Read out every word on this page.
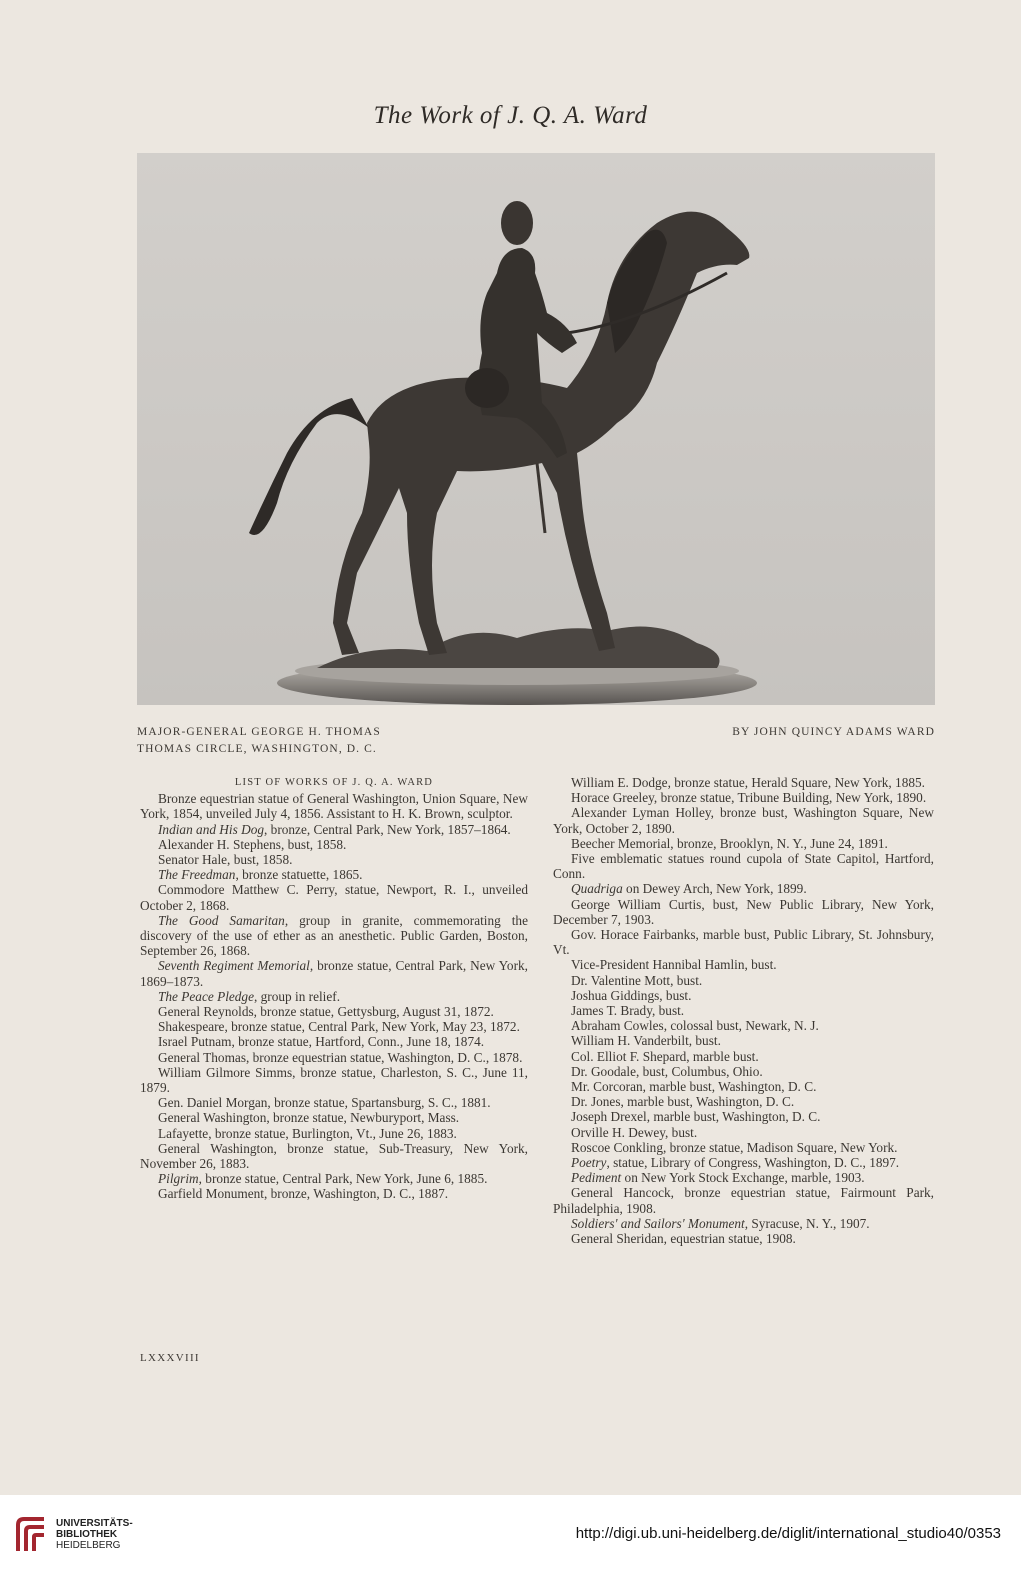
The Work of J. Q. A. Ward
MAJOR-GENERAL GEORGE H. THOMAS
THOMAS CIRCLE, WASHINGTON, D. C.
BY JOHN QUINCY ADAMS WARD

LIST OF WORKS OF J. Q. A. WARD

Bronze equestrian statue of General Washington, Union Square, New York, 1854, unveiled July 4, 1856. Assistant to H. K. Brown, sculptor.

Indian and His Dog, bronze, Central Park, New York, 1857–1864.

Alexander H. Stephens, bust, 1858.

Senator Hale, bust, 1858.

The Freedman, bronze statuette, 1865.

Commodore Matthew C. Perry, statue, Newport, R. I., unveiled October 2, 1868.

The Good Samaritan, group in granite, commemorating the discovery of the use of ether as an anesthetic. Public Garden, Boston, September 26, 1868.

Seventh Regiment Memorial, bronze statue, Central Park, New York, 1869–1873.

The Peace Pledge, group in relief.

General Reynolds, bronze statue, Gettysburg, August 31, 1872.

Shakespeare, bronze statue, Central Park, New York, May 23, 1872.

Israel Putnam, bronze statue, Hartford, Conn., June 18, 1874.

General Thomas, bronze equestrian statue, Washington, D. C., 1878.

William Gilmore Simms, bronze statue, Charleston, S. C., June 11, 1879.

Gen. Daniel Morgan, bronze statue, Spartansburg, S. C., 1881.

General Washington, bronze statue, Newburyport, Mass.

Lafayette, bronze statue, Burlington, Vt., June 26, 1883.

General Washington, bronze statue, Sub-Treasury, New York, November 26, 1883.

Pilgrim, bronze statue, Central Park, New York, June 6, 1885.

Garfield Monument, bronze, Washington, D. C., 1887.

William E. Dodge, bronze statue, Herald Square, New York, 1885.

Horace Greeley, bronze statue, Tribune Building, New York, 1890.

Alexander Lyman Holley, bronze bust, Washington Square, New York, October 2, 1890.

Beecher Memorial, bronze, Brooklyn, N. Y., June 24, 1891.

Five emblematic statues round cupola of State Capitol, Hartford, Conn.

Quadriga on Dewey Arch, New York, 1899.

George William Curtis, bust, New Public Library, New York, December 7, 1903.

Gov. Horace Fairbanks, marble bust, Public Library, St. Johnsbury, Vt.

Vice-President Hannibal Hamlin, bust.

Dr. Valentine Mott, bust.

Joshua Giddings, bust.

James T. Brady, bust.

Abraham Cowles, colossal bust, Newark, N. J.

William H. Vanderbilt, bust.

Col. Elliot F. Shepard, marble bust.

Dr. Goodale, bust, Columbus, Ohio.

Mr. Corcoran, marble bust, Washington, D. C.

Dr. Jones, marble bust, Washington, D. C.

Joseph Drexel, marble bust, Washington, D. C.

Orville H. Dewey, bust.

Roscoe Conkling, bronze statue, Madison Square, New York.

Poetry, statue, Library of Congress, Washington, D. C., 1897.

Pediment on New York Stock Exchange, marble, 1903.

General Hancock, bronze equestrian statue, Fairmount Park, Philadelphia, 1908.

Soldiers' and Sailors' Monument, Syracuse, N. Y., 1907.

General Sheridan, equestrian statue, 1908.

LXXXVIII
UNIVERSITÄTS-
BIBLIOTHEK
HEIDELBERG
http://digi.ub.uni-heidelberg.de/diglit/international_studio40/0353
